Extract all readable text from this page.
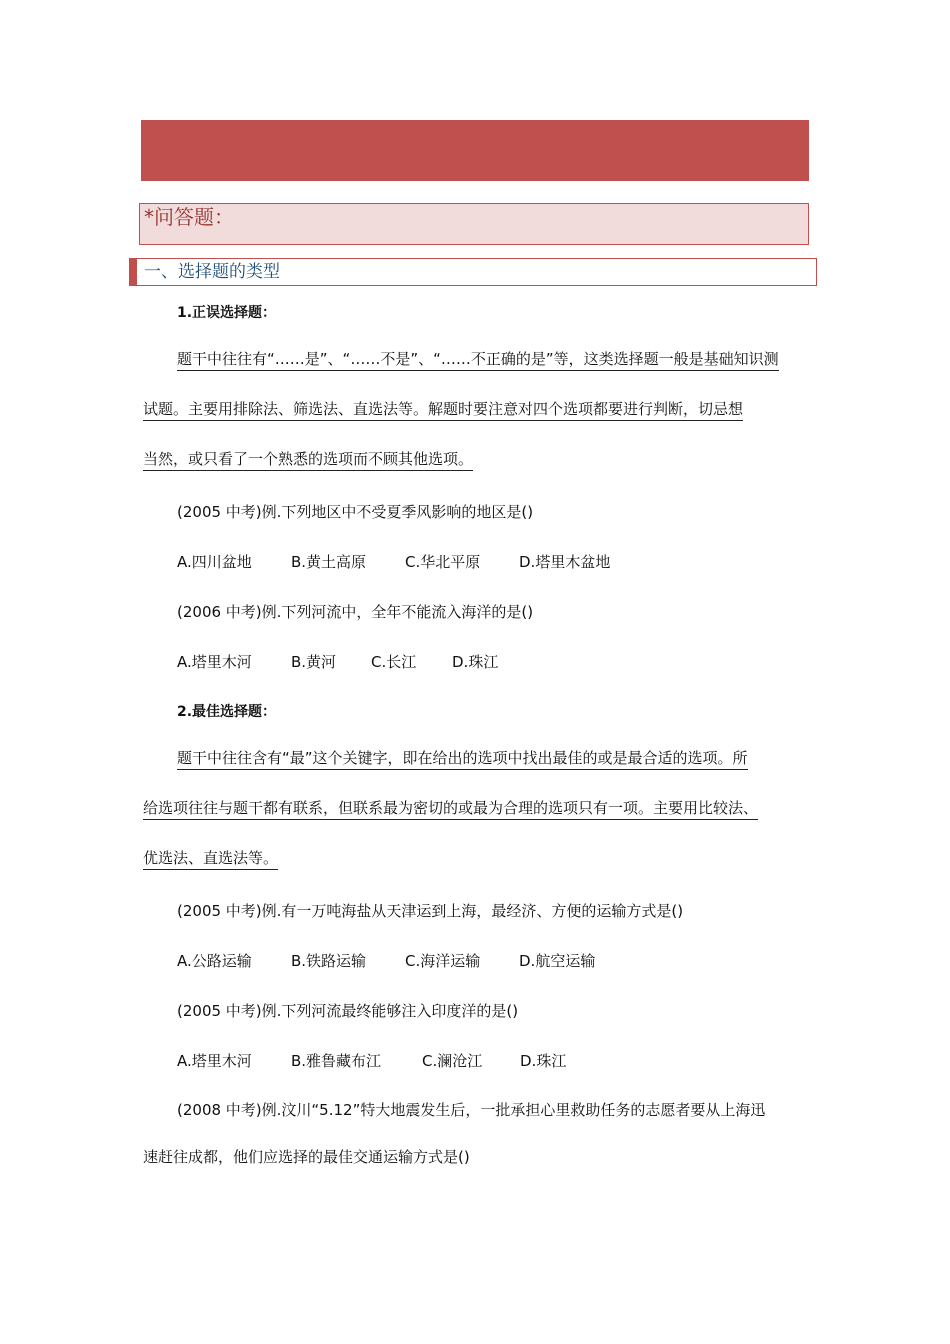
*问答题：
一、选择题的类型
1.正误选择题：
题干中往往有“……是”、“……不是”、“……不正确的是”等，这类选择题一般是基础知识测
试题。主要用排除法、筛选法、直选法等。解题时要注意对四个选项都要进行判断，切忌想
当然，或只看了一个熟悉的选项而不顾其他选项。
(2005 中考)例.下列地区中不受夏季风影响的地区是()
A.四川盆地	B.黄土高原	C.华北平原	D.塔里木盆地
(2006 中考)例.下列河流中，全年不能流入海洋的是()
A.塔里木河	B.黄河 C.长江 D.珠江
2.最佳选择题：
题干中往往含有“最”这个关键字，即在给出的选项中找出最佳的或是最合适的选项。所
给选项往往与题干都有联系，但联系最为密切的或最为合理的选项只有一项。主要用比较法、
优选法、直选法等。
(2005 中考)例.有一万吨海盐从天津运到上海，最经济、方便的运输方式是()
A.公路运输	B.铁路运输	C.海洋运输	D.航空运输
(2005 中考)例.下列河流最终能够注入印度洋的是()
A.塔里木河	B.雅鲁藏布江	C.澜沧江	D.珠江
(2008 中考)例.汶川“5.12”特大地震发生后，一批承担心里救助任务的志愿者要从上海迅
速赶往成都，他们应选择的最佳交通运输方式是()
